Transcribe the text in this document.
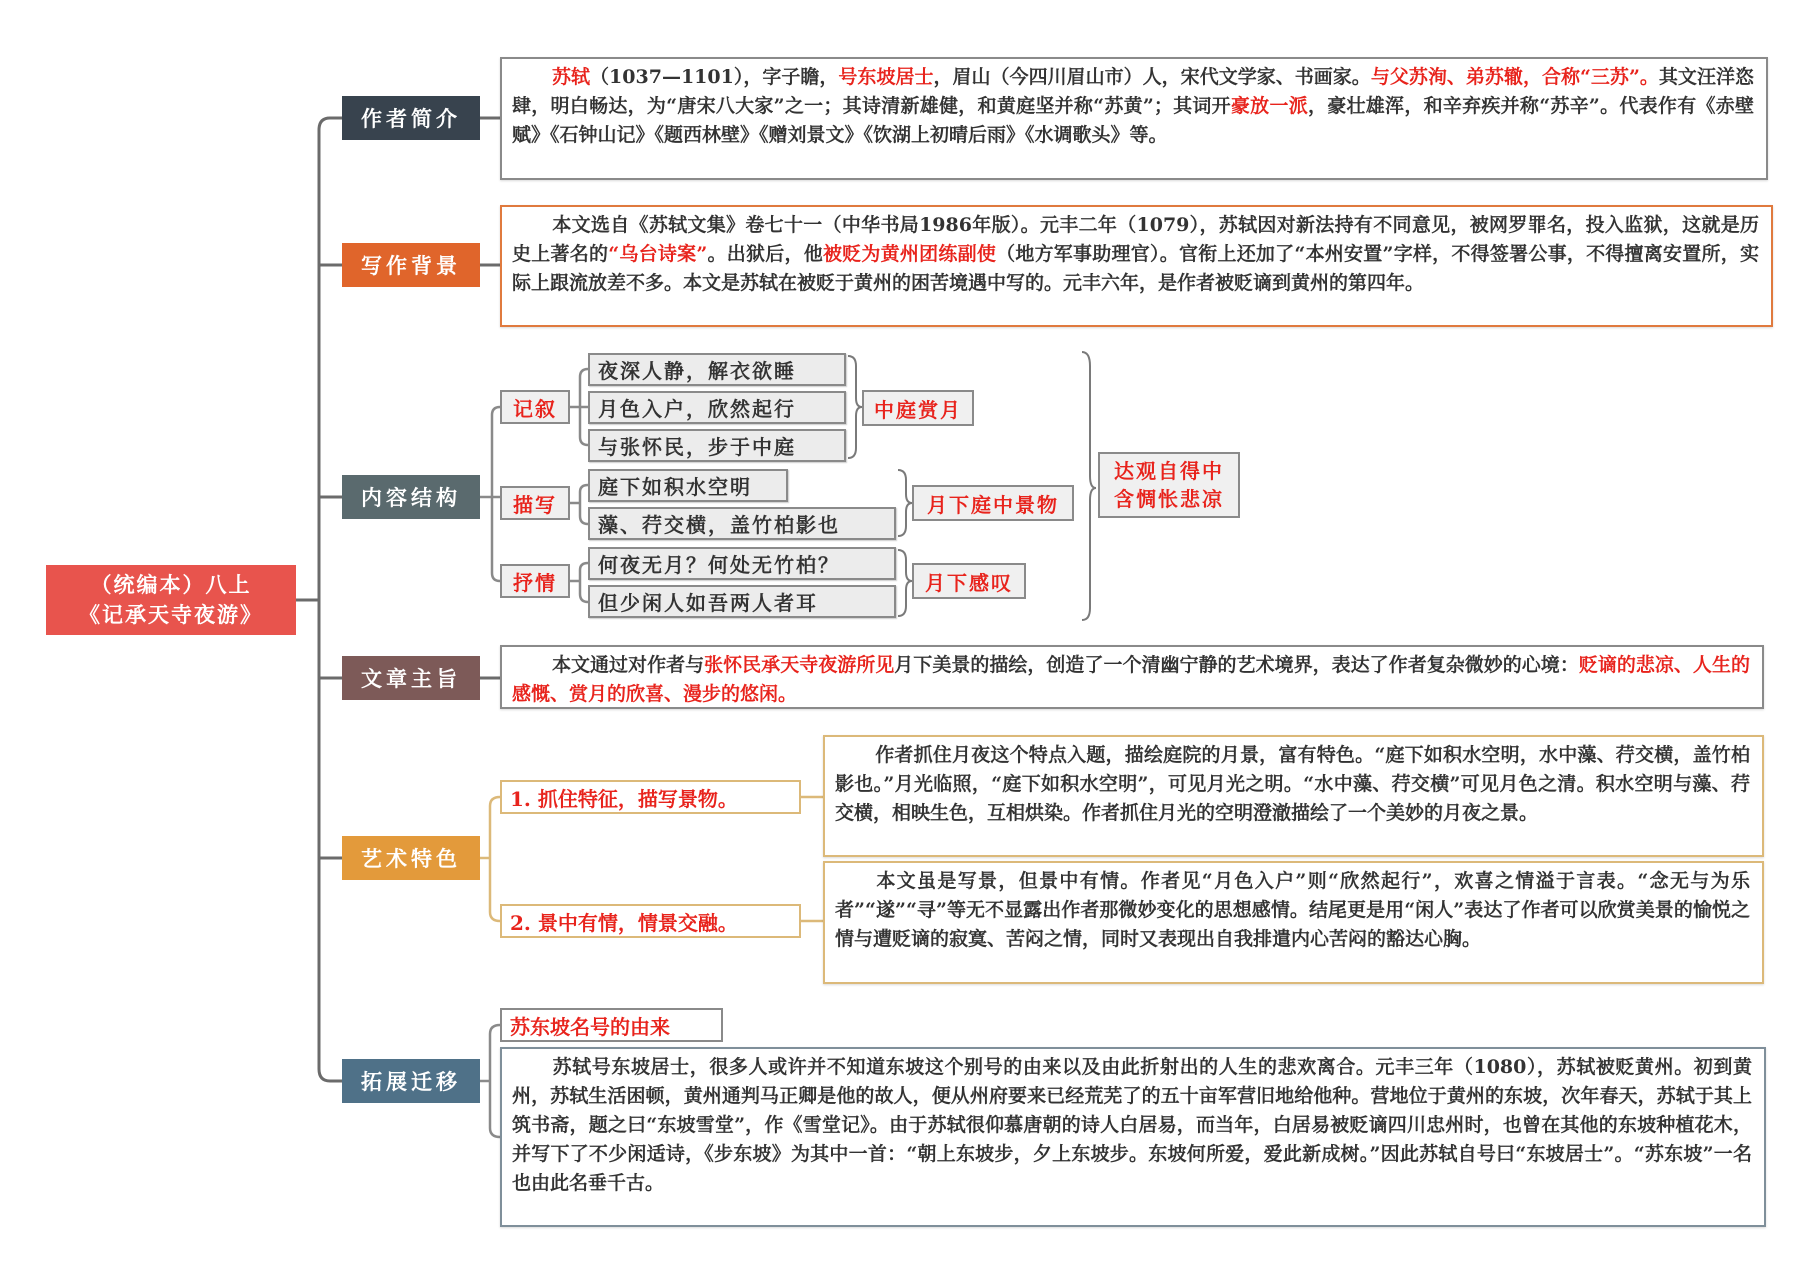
（统编本）八上
《记承天寺夜游》
作者简介
写作背景
内容结构
文章主旨
艺术特色
拓展迁移
苏轼（1037—1101），字子瞻，号东坡居士，眉山（今四川眉山市）人，宋代文学家、书画家。与父苏洵、弟苏辙，合称“三苏”。其文汪洋恣肆，明白畅达，为“唐宋八大家”之一；其诗清新雄健，和黄庭坚并称“苏黄”；其词开豪放一派，豪壮雄浑，和辛弃疾并称“苏辛”。代表作有《赤壁赋》《石钟山记》《题西林壁》《赠刘景文》《饮湖上初晴后雨》《水调歌头》等。
本文选自《苏轼文集》卷七十一（中华书局1986年版）。元丰二年（1079），苏轼因对新法持有不同意见，被网罗罪名，投入监狱，这就是历史上著名的“乌台诗案”。出狱后，他被贬为黄州团练副使（地方军事助理官）。官衔上还加了“本州安置”字样，不得签署公事，不得擅离安置所，实际上跟流放差不多。本文是苏轼在被贬于黄州的困苦境遇中写的。元丰六年，是作者被贬谪到黄州的第四年。
记叙
描写
抒情
夜深人静，解衣欲睡
月色入户，欣然起行
与张怀民，步于中庭
庭下如积水空明
藻、荇交横，盖竹柏影也
何夜无月？何处无竹柏？
但少闲人如吾两人者耳
中庭赏月
月下庭中景物
月下感叹
达观自得中
含惆怅悲凉
本文通过对作者与张怀民承天寺夜游所见月下美景的描绘，创造了一个清幽宁静的艺术境界，表达了作者复杂微妙的心境：贬谪的悲凉、人生的感慨、赏月的欣喜、漫步的悠闲。
1. 抓住特征，描写景物。
作者抓住月夜这个特点入题，描绘庭院的月景，富有特色。“庭下如积水空明，水中藻、荇交横，盖竹柏影也。”月光临照，“庭下如积水空明”，可见月光之明。“水中藻、荇交横”可见月色之清。积水空明与藻、荇交横，相映生色，互相烘染。作者抓住月光的空明澄澈描绘了一个美妙的月夜之景。
2. 景中有情，情景交融。
本文虽是写景，但景中有情。作者见“月色入户”则“欣然起行”，欢喜之情溢于言表。“念无与为乐者”“遂”“寻”等无不显露出作者那微妙变化的思想感情。结尾更是用“闲人”表达了作者可以欣赏美景的愉悦之情与遭贬谪的寂寞、苦闷之情，同时又表现出自我排遣内心苦闷的豁达心胸。
苏东坡名号的由来
苏轼号东坡居士，很多人或许并不知道东坡这个别号的由来以及由此折射出的人生的悲欢离合。元丰三年（1080），苏轼被贬黄州。初到黄州，苏轼生活困顿，黄州通判马正卿是他的故人，便从州府要来已经荒芜了的五十亩军营旧地给他种。营地位于黄州的东坡，次年春天，苏轼于其上筑书斋，题之曰“东坡雪堂”，作《雪堂记》。由于苏轼很仰慕唐朝的诗人白居易，而当年，白居易被贬谪四川忠州时，也曾在其他的东坡种植花木，并写下了不少闲适诗，《步东坡》为其中一首：“朝上东坡步，夕上东坡步。东坡何所爱，爱此新成树。”因此苏轼自号曰“东坡居士”。“苏东坡”一名也由此名垂千古。
